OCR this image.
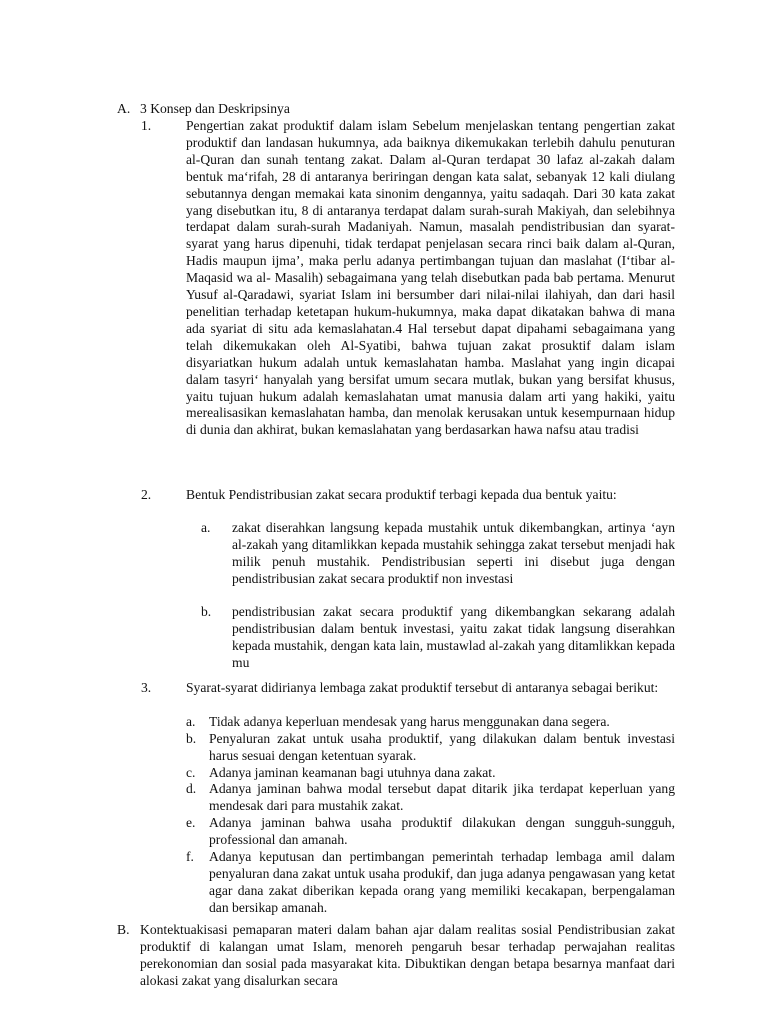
A. 3 Konsep dan Deskripsinya
1.	Pengertian zakat produktif dalam islam Sebelum menjelaskan tentang pengertian zakat produktif dan landasan hukumnya, ada baiknya dikemukakan terlebih dahulu penuturan al-Quran dan sunah tentang zakat. Dalam al-Quran terdapat 30 lafaz al-zakah dalam bentuk ma‘rifah, 28 di antaranya beriringan dengan kata salat, sebanyak 12 kali diulang sebutannya dengan memakai kata sinonim dengannya, yaitu sadaqah. Dari 30 kata zakat yang disebutkan itu, 8 di antaranya terdapat dalam surah-surah Makiyah, dan selebihnya terdapat dalam surah-surah Madaniyah. Namun, masalah pendistribusian dan syarat-syarat yang harus dipenuhi, tidak terdapat penjelasan secara rinci baik dalam al-Quran, Hadis maupun ijma’, maka perlu adanya pertimbangan tujuan dan maslahat (I‘tibar al-Maqasid wa al- Masalih) sebagaimana yang telah disebutkan pada bab pertama. Menurut Yusuf al-Qaradawi, syariat Islam ini bersumber dari nilai-nilai ilahiyah, dan dari hasil penelitian terhadap ketetapan hukum-hukumnya, maka dapat dikatakan bahwa di mana ada syariat di situ ada kemaslahatan.4 Hal tersebut dapat dipahami sebagaimana yang telah dikemukakan oleh Al-Syatibi, bahwa tujuan zakat prosuktif dalam islam disyariatkan hukum adalah untuk kemaslahatan hamba. Maslahat yang ingin dicapai dalam tasyri‘ hanyalah yang bersifat umum secara mutlak, bukan yang bersifat khusus, yaitu tujuan hukum adalah kemaslahatan umat manusia dalam arti yang hakiki, yaitu merealisasikan kemaslahatan hamba, dan menolak kerusakan untuk kesempurnaan hidup di dunia dan akhirat, bukan kemaslahatan yang berdasarkan hawa nafsu atau tradisi

2.	Bentuk Pendistribusian zakat secara produktif terbagi kepada dua bentuk yaitu:

a. zakat diserahkan langsung kepada mustahik untuk dikembangkan, artinya ‘ayn al-zakah yang ditamlikkan kepada mustahik sehingga zakat tersebut menjadi hak milik penuh mustahik. Pendistribusian seperti ini disebut juga dengan pendistribusian zakat secara produktif non investasi

b. pendistribusian zakat secara produktif yang dikembangkan sekarang adalah pendistribusian dalam bentuk investasi, yaitu zakat tidak langsung diserahkan kepada mustahik, dengan kata lain, mustawlad al-zakah yang ditamlikkan kepada mu

3.	Syarat-syarat didirianya lembaga zakat produktif tersebut di antaranya sebagai berikut:

a. Tidak adanya keperluan mendesak yang harus menggunakan dana segera.

b. Penyaluran zakat untuk usaha produktif, yang dilakukan dalam bentuk investasi harus sesuai dengan ketentuan syarak.

c. Adanya jaminan keamanan bagi utuhnya dana zakat.

d. Adanya jaminan bahwa modal tersebut dapat ditarik jika terdapat keperluan yang mendesak dari para mustahik zakat.

e. Adanya jaminan bahwa usaha produktif dilakukan dengan sungguh-sungguh, professional dan amanah.

f. Adanya keputusan dan pertimbangan pemerintah terhadap lembaga amil dalam penyaluran dana zakat untuk usaha produkif, dan juga adanya pengawasan yang ketat agar dana zakat diberikan kepada orang yang memiliki kecakapan, berpengalaman dan bersikap amanah.

B. Kontektuakisasi pemaparan materi dalam bahan ajar dalam realitas sosial Pendistribusian zakat produktif di kalangan umat Islam, menoreh pengaruh besar terhadap perwajahan realitas perekonomian dan sosial pada masyarakat kita. Dibuktikan dengan betapa besarnya manfaat dari alokasi zakat yang disalurkan secara
